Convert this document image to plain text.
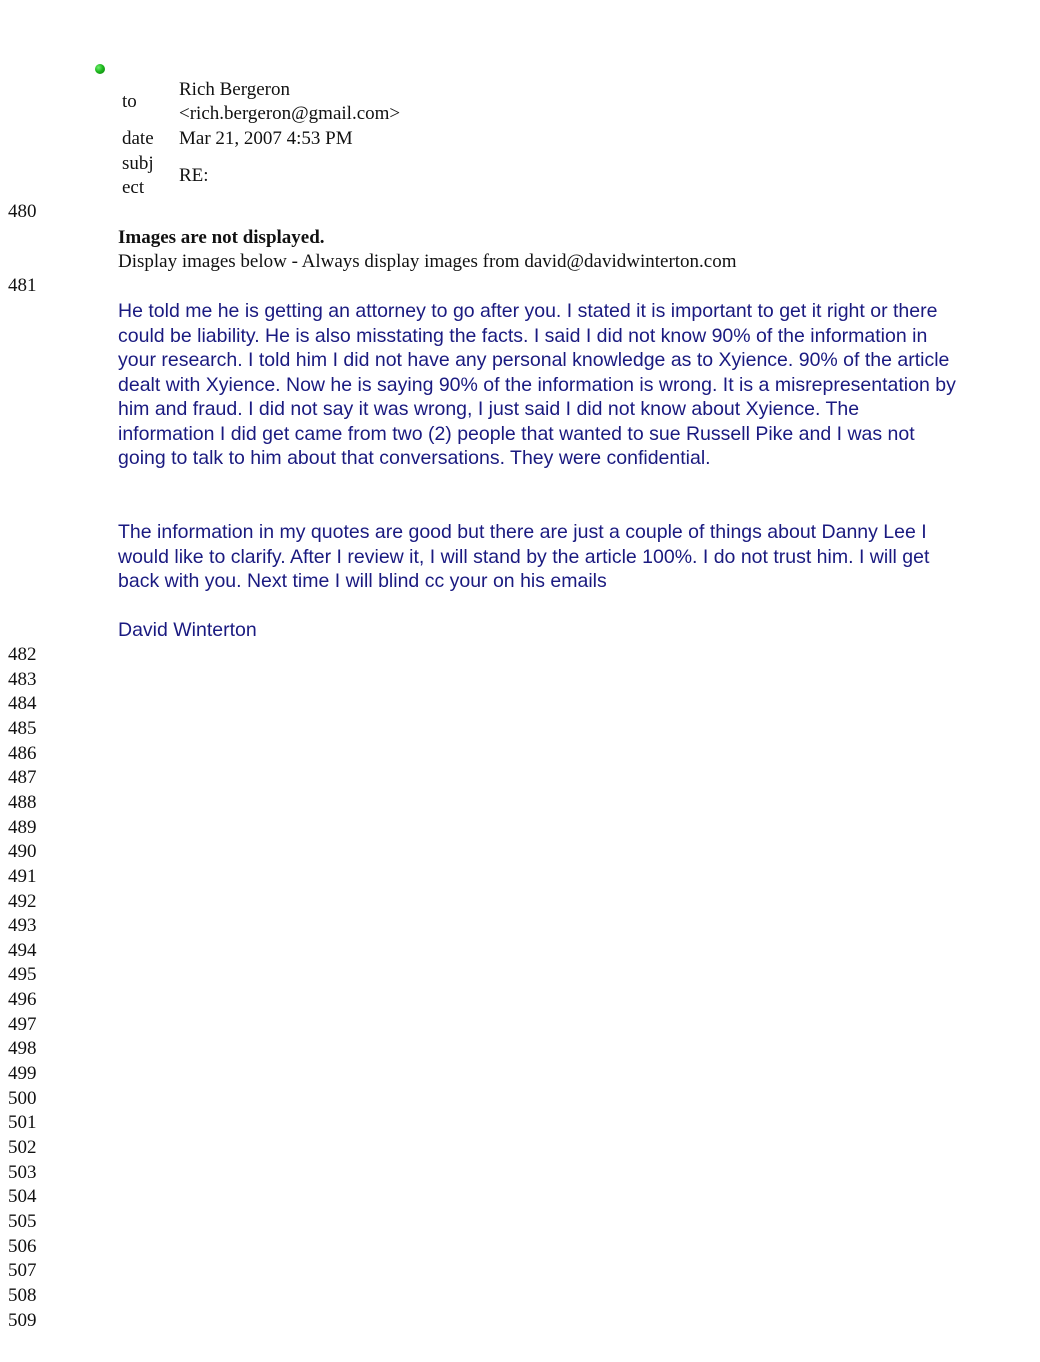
to
Rich Bergeron
<rich.bergeron@gmail.com>
date Mar 21, 2007 4:53 PM
subj
ect
RE:
480
Images are not displayed.
Display images below - Always display images from david@davidwinterton.com
481
He told me he is getting an attorney to go after you. I stated it is important to get it right or there could be liability. He is also misstating the facts. I said I did not know 90% of the information in your research. I told him I did not have any personal knowledge as to Xyience. 90% of the article dealt with Xyience. Now he is saying 90% of the information is wrong. It is a misrepresentation by him and fraud. I did not say it was wrong, I just said I did not know about Xyience. The information I did get came from two (2) people that wanted to sue Russell Pike and I was not going to talk to him about that conversations. They were confidential.
The information in my quotes are good but there are just a couple of things about Danny Lee I would like to clarify. After I review it, I will stand by the article 100%. I do not trust him. I will get back with you. Next time I will blind cc your on his emails
David Winterton
482
483
484
485
486
487
488
489
490
491
492
493
494
495
496
497
498
499
500
501
502
503
504
505
506
507
508
509
